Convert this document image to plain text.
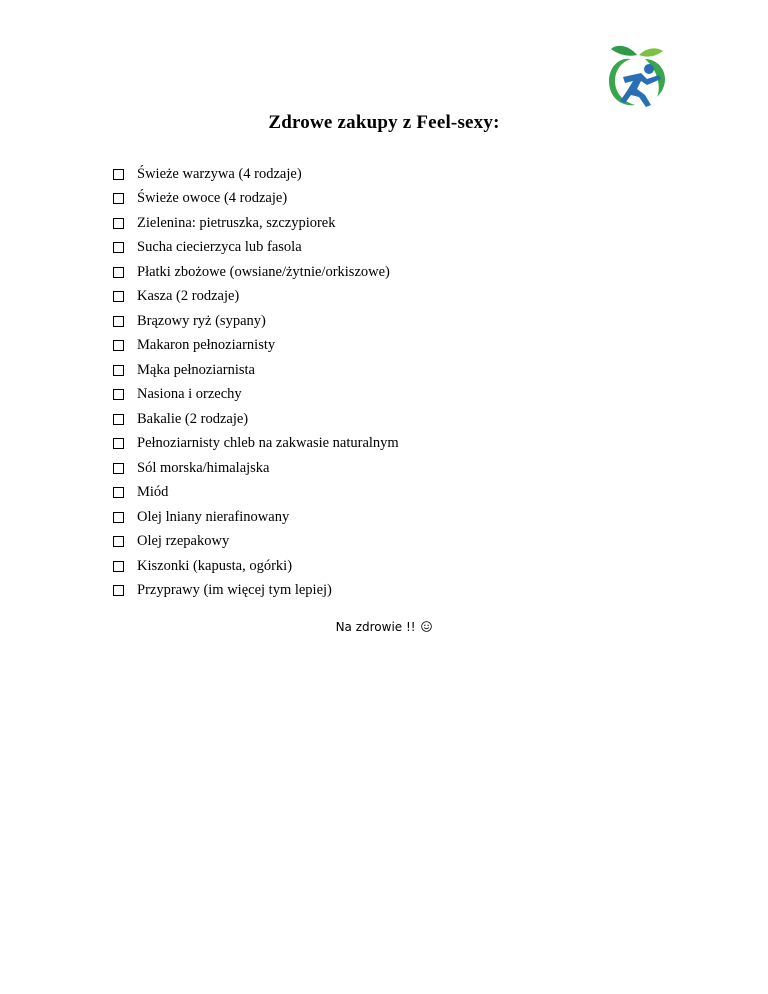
Zdrowe zakupy z Feel-sexy:
Świeże warzywa (4 rodzaje)
Świeże owoce (4 rodzaje)
Zielenina: pietruszka, szczypiorek
Sucha ciecierzyca lub fasola
Płatki zbożowe (owsiane/żytnie/orkiszowe)
Kasza (2 rodzaje)
Brązowy ryż (sypany)
Makaron pełnoziarnisty
Mąka pełnoziarnista
Nasiona i orzechy
Bakalie (2 rodzaje)
Pełnoziarnisty chleb na zakwasie naturalnym
Sól morska/himalajska
Miód
Olej lniany nierafinowany
Olej rzepakowy
Kiszonki (kapusta, ogórki)
Przyprawy (im więcej tym lepiej)
Na zdrowie !!
